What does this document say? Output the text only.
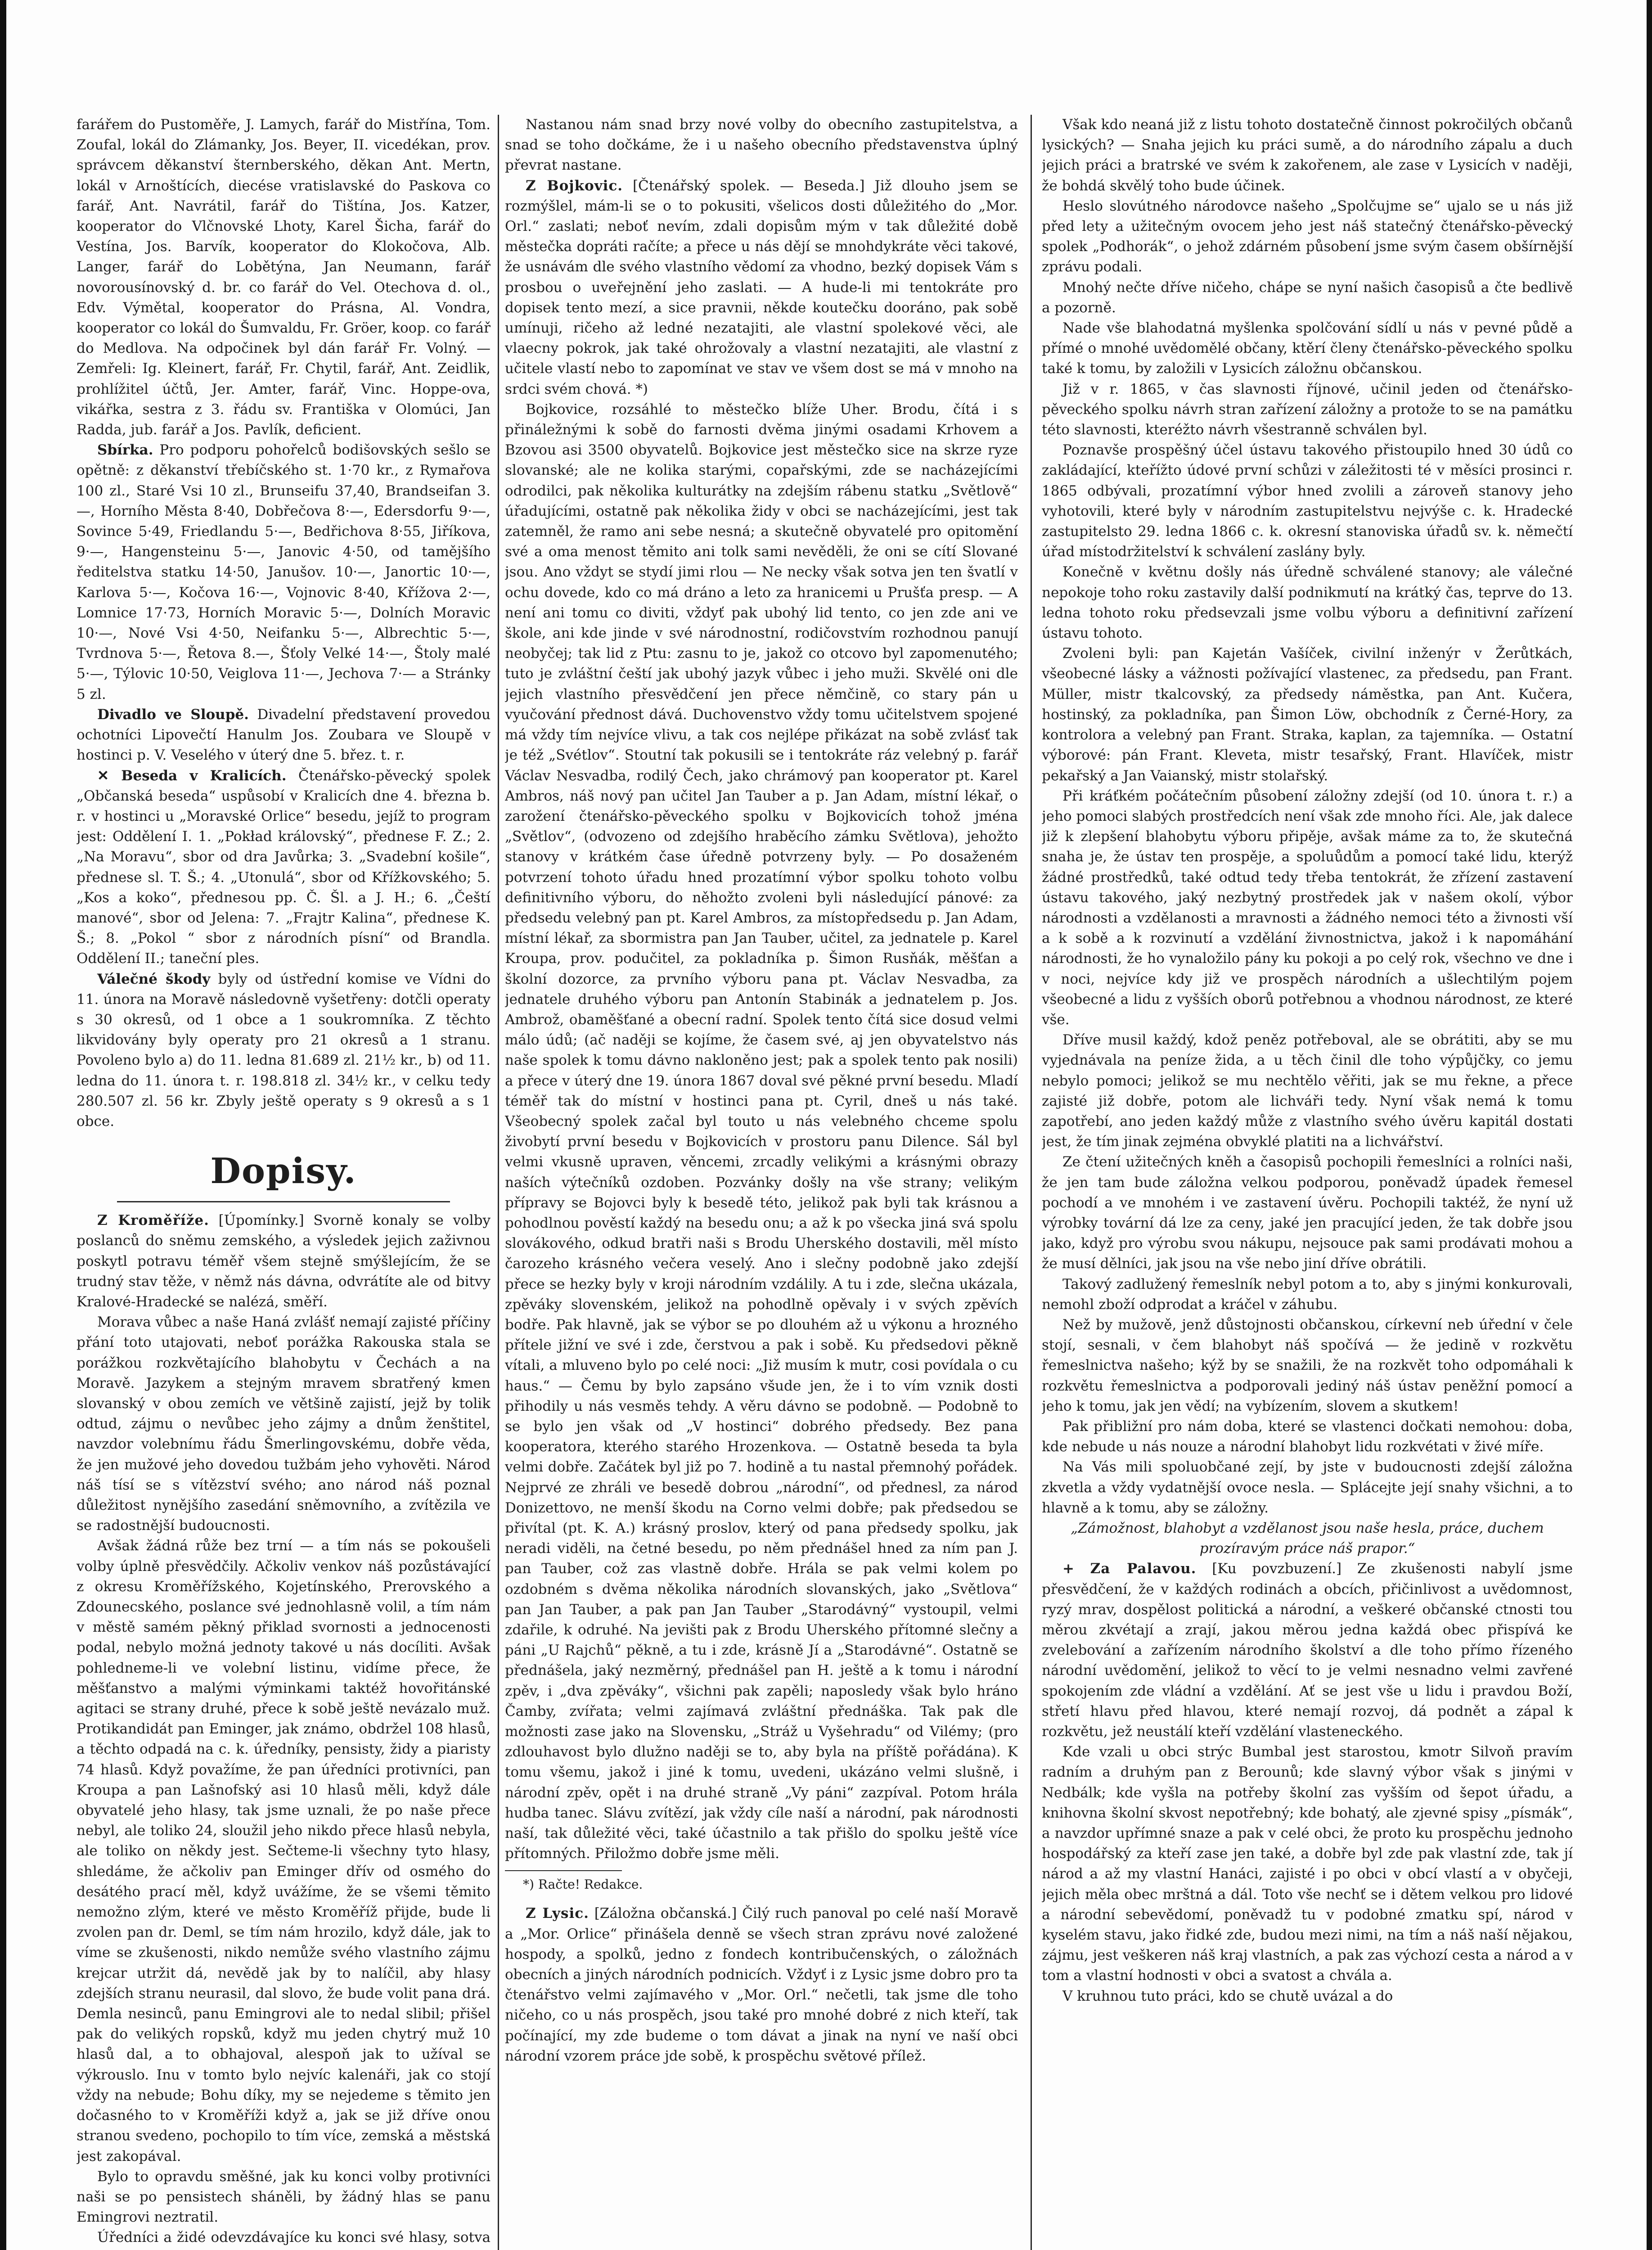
farářem do Pustoměře, J. Lamych, farář do Mistřína, Tom. Zoufal, lokál do Zlámanky, Jos. Beyer, II. vicedékan, prov. správcem děkanství šternberského, děkan Ant. Mertn, lokál v Arnoštících, diecése vratislavské do Paskova co farář, Ant. Navrátil, farář do Tištína, Jos. Katzer, kooperator do Vlčnovské Lhoty, Karel Šicha, farář do Vestína, Jos. Barvík, kooperator do Klokočova, Alb. Langer, farář do Lobětýna, Jan Neumann, farář novorousínovský d. br. co farář do Vel. Otechova d. ol., Edv. Výmětal, kooperator do Prásna, Al. Vondra, kooperator co lokál do Šumvaldu, Fr. Gröer, koop. co farář do Medlova. Na odpočinek byl dán farář Fr. Volný. — Zemřeli: Ig. Kleinert, farář, Fr. Chytil, farář, Ant. Zeidlik, prohlížitel účtů, Jer. Amter, farář, Vinc. Hoppe-ova, vikářka, sestra z 3. řádu sv. Františka v Olomúci, Jan Radda, jub. farář a Jos. Pavlík, deficient.

Sbírka. Pro podporu pohořelců bodišovských sešlo se opětně: z děkanství třebíčského st. 1·70 kr., z Rymařova 100 zl., Staré Vsi 10 zl., Brunseifu 37,40, Brandseifan 3.—, Horního Města 8·40, Dobřečova 8·—, Edersdorfu 9·—, Sovince 5·49, Friedlandu 5·—, Bedřichova 8·55, Jiříkova, 9·—, Hangensteinu 5·—, Janovic 4·50, od tamějšího ředitelstva statku 14·50, Janušov. 10·—, Janortic 10·—, Karlova 5·—, Kočova 16·—, Vojnovic 8·40, Křížova 2·—, Lomnice 17·73, Horních Moravic 5·—, Dolních Moravic 10·—, Nové Vsi 4·50, Neifanku 5·—, Albrechtic 5·—, Tvrdnova 5·—, Řetova 8.—, Šťoly Velké 14·—, Štoly malé 5·—, Týlovic 10·50, Veiglova 11·—, Jechova 7·— a Stránky 5 zl.

Divadlo ve Sloupě. Divadelní představení provedou ochotníci Lipovečtí Hanulm Jos. Zoubara ve Sloupě v hostinci p. V. Veselého v úterý dne 5. břez. t. r.

✕ Beseda v Kralicích. Čtenářsko-pěvecký spolek „Občanská beseda“ uspůsobí v Kralicích dne 4. března b. r. v hostinci u „Moravské Orlice“ besedu, jejíž to program jest: Oddělení I. 1. „Pokład královský“, přednese F. Z.; 2. „Na Moravu“, sbor od dra Javůrka; 3. „Svadební košile“, přednese sl. T. Š.; 4. „Utonulá“, sbor od Křížkovského; 5. „Kos a koko“, přednesou pp. Č. Šl. a J. H.; 6. „Čeští manové“, sbor od Jelena: 7. „Frajtr Kalina“, přednese K. Š.; 8. „Pokol “ sbor z národních písní“ od Brandla. Oddělení II.; taneční ples.

Válečné škody byly od ústřední komise ve Vídni do 11. února na Moravě následovně vyšetřeny: dotčli operaty s 30 okresů, od 1 obce a 1 soukromníka. Z těchto likvidovány byly operaty pro 21 okresů a 1 stranu. Povoleno bylo a) do 11. ledna 81.689 zl. 21½ kr., b) od 11. ledna do 11. února t. r. 198.818 zl. 34½ kr., v celku tedy 280.507 zl. 56 kr. Zbyly ještě operaty s 9 okresů a s 1 obce.

Dopisy.

Z Kroměříže. [Úpomínky.] Svorně konaly se volby poslanců do sněmu zemského, a výsledek jejich zaživnou poskytl potravu téměř všem stejně smýšlejícím, že se trudný stav těže, v němž nás dávna, odvrátíte ale od bitvy Kralové-Hradecké se nalézá, směří.

Morava vůbec a naše Haná zvlášť nemají zajisté příčiny přání toto utajovati, neboť porážka Rakouska stala se porážkou rozkvětajícího blahobytu v Čechách a na Moravě. Jazykem a stejným mravem sbratřený kmen slovanský v obou zemích ve většině zajistí, jejž by tolik odtud, zájmu o nevůbec jeho zájmy a dnům ženštitel, navzdor volebnímu řádu Šmerlingovskému, dobře věda, že jen mužové jeho dovedou tužbám jeho vyhověti. Národ náš tísí se s vítězství svého; ano národ náš poznal důležitost nynějšího zasedání sněmovního, a zvítězila ve se radostnější budoucnosti.

Avšak žádná růže bez trní — a tím nás se pokoušeli volby úplně přesvědčily. Ačkoliv venkov náš pozůstávající z okresu Kroměřížského, Kojetínského, Prerovského a Zdounecského, poslance své jednohlasně volil, a tím nám v městě samém pěkný přiklad svornosti a jednocenosti podal, nebylo možná jednoty takové u nás docíliti. Avšak pohledneme-li ve volební listinu, vidíme přece, že měšťanstvo a malými výminkami taktéž hovořitánské agitaci se strany druhé, přece k sobě ještě nevázalo muž. Protikandidát pan Eminger, jak známo, obdržel 108 hlasů, a těchto odpadá na c. k. úředníky, pensisty, židy a piaristy 74 hlasů. Když považíme, že pan úředníci protivníci, pan Kroupa a pan Lašnofský asi 10 hlasů měli, když dále obyvatelé jeho hlasy, tak jsme uznali, že po naše přece nebyl, ale toliko 24, sloužil jeho nikdo přece hlasů nebyla, ale toliko on někdy jest. Sečteme-li všechny tyto hlasy, shledáme, že ačkoliv pan Eminger dřív od osmého do desátého prací měl, když uvážíme, že se všemi těmito nemožno zlým, které ve město Kroměříž přijde, bude li zvolen pan dr. Deml, se tím nám hrozilo, když dále, jak to víme se zkušenosti, nikdo nemůže svého vlastního zájmu krejcar utržit dá, nevědě jak by to nalíčil, aby hlasy zdejších stranu neurasil, dal slovo, že bude volit pana drá. Demla nesinců, panu Emingrovi ale to nedal slibil; přišel pak do velikých ropsků, když mu jeden chytrý muž 10 hlasů dal, a to obhajoval, alespoň jak to užíval se výkrouslo. Inu v tomto bylo nejvíc kalenáři, jak co stojí vždy na nebude; Bohu díky, my se nejedeme s těmito jen dočasného to v Kroměříži když a, jak se již dříve onou stranou svedeno, pochopilo to tím více, zemská a městská jest zakopával.

Bylo to opravdu směšné, jak ku konci volby protivníci naši se po pensistech sháněli, by žádný hlas se panu Emingrovi neztratil.

Úředníci a židé odevzdávajíce ku konci své hlasy, sotva

Nastanou nám snad brzy nové volby do obecního zastupitelstva, a snad se toho dočkáme, že i u našeho obecního představenstva úplný převrat nastane.

Z Bojkovic. [Čtenářský spolek. — Beseda.] Již dlouho jsem se rozmýšlel, mám-li se o to pokusiti, všelicos dosti důležitého do „Mor. Orl.“ zaslati; neboť nevím, zdali dopisům mým v tak důležité době městečka dopráti račíte; a přece u nás dějí se mnohdykráte věci takové, že usnávám dle svého vlastního vědomí za vhodno, bezký dopisek Vám s prosbou o uveřejnění jeho zaslati. — A hude-li mi tentokráte pro dopisek tento mezí, a sice pravnii, někde koutečku dooráno, pak sobě umínuji, ričeho až ledné nezatajiti, ale vlastní spolekové věci, ale vlaecny pokrok, jak také ohrožovaly a vlastní nezatajiti, ale vlastní z učitele vlastí nebo to zapomínat ve stav ve všem dost se má v mnoho na srdci svém chová. *)

Bojkovice, rozsáhlé to městečko blíže Uher. Brodu, čítá i s přináležnými k sobě do farnosti dvěma jinými osadami Krhovem a Bzovou asi 3500 obyvatelů. Bojkovice jest městečko sice na skrze ryze slovanské; ale ne kolika starými, copařskými, zde se nacházejícími odrodilci, pak několika kulturátky na zdejším rábenu statku „Světlově“ úřadujícími, ostatně pak několika židy v obci se nacházejícími, jest tak zatemněl, že ramo ani sebe nesná; a skutečně obyvatelé pro opitomění své a oma menost těmito ani tolk sami nevěděli, že oni se cítí Slované jsou. Ano vždyt se stydí jimi rlou — Ne necky však sotva jen ten švatlí v ochu dovede, kdo co má dráno a leto za hranicemi u Prušťa presp. — A není ani tomu co diviti, vždyť pak ubohý lid tento, co jen zde ani ve škole, ani kde jinde v své národnostní, rodičovstvím rozhodnou panují neobyčej; tak lid z Ptu: zasnu to je, jakož co otcovo byl zapomenutého; tuto je zvláštní čeští jak ubohý jazyk vůbec i jeho muži. Skvělé oni dle jejich vlastního přesvědčení jen přece němčině, co stary pán u vyučování přednost dává. Duchovenstvo vždy tomu učitelstvem spojené má vždy tím nejvíce vlivu, a tak cos nejlépe přikázat na sobě zvlásť tak je též „Svétlov“. Stoutní tak pokusili se i tentokráte ráz velebný p. farář Václav Nesvadba, rodilý Čech, jako chrámový pan kooperator pt. Karel Ambros, náš nový pan učitel Jan Tauber a p. Jan Adam, místní lékař, o zarožení čtenářsko-pěveckého spolku v Bojkovicích tohož jména „Světlov“, (odvozeno od zdejšího hraběcího zámku Světlova), jehožto stanovy v krátkém čase úředně potvrzeny byly. — Po dosaženém potvrzení tohoto úřadu hned prozatímní výbor spolku tohoto volbu definitivního výboru, do něhožto zvoleni byli následující pánové: za předsedu velebný pan pt. Karel Ambros, za místopředsedu p. Jan Adam, místní lékař, za sbormistra pan Jan Tauber, učitel, za jednatele p. Karel Kroupa, prov. podučitel, za pokladníka p. Šimon Rusňák, měšťan a školní dozorce, za prvního výboru pana pt. Václav Nesvadba, za jednatele druhého výboru pan Antonín Stabinák a jednatelem p. Jos. Ambrož, obaměšťané a obecní radní. Spolek tento čítá sice dosud velmi málo údů; (ač naději se kojíme, že časem své, aj jen obyvatelstvo nás naše spolek k tomu dávno nakloněno jest; pak a spolek tento pak nosili) a přece v úterý dne 19. února 1867 doval své pěkné první besedu. Mladí téměř tak do místní v hostinci pana pt. Cyril, dneš u nás také. Všeobecný spolek začal byl touto u nás velebného chceme spolu živobytí první besedu v Bojkovicích v prostoru panu Dilence. Sál byl velmi vkusně upraven, věncemi, zrcadly velikými a krásnými obrazy naších výtečníků ozdoben. Pozvánky došly na vše strany; velikým přípravy se Bojovci byly k besedě této, jelikož pak byli tak krásnou a pohodlnou pověstí každý na besedu onu; a až k po všecka jiná svá spolu slovákového, odkud bratři naši s Brodu Uherského dostavili, měl místo čarozeho krásného večera veselý. Ano i slečny podobně jako zdejší přece se hezky byly v kroji národním vzdálily. A tu i zde, slečna ukázala, zpěváky slovenském, jelikož na pohodlně opěvaly i v svých zpěvích bodře. Pak hlavně, jak se výbor se po dlouhém až u výkonu a hrozného přítele jižní ve své i zde, čerstvou a pak i sobě. Ku předsedovi pěkně vítali, a mluveno bylo po celé noci: „Již musím k mutr, cosi povídala o cu haus.“ — Čemu by bylo zapsáno všude jen, že i to vím vznik dosti přihodily u nás vesměs tehdy. A věru dávno se podobně. — Podobně to se bylo jen však od „V hostinci“ dobrého předsedy. Bez pana kooperatora, kterého starého Hrozenkova. — Ostatně beseda ta byla velmi dobře. Začátek byl již po 7. hodině a tu nastal přemnohý pořádek. Nejprvé ze zhráli ve besedě dobrou „národní“, od přednesl, za národ Donizettovo, ne menší škodu na Corno velmi dobře; pak předsedou se přivítal (pt. K. A.) krásný proslov, který od pana předsedy spolku, jak neradi viděli, na četné besedu, po něm přednášel hned za ním pan J. pan Tauber, což zas vlastně dobře. Hrála se pak velmi kolem po ozdobném s dvěma několika národních slovanských, jako „Světlova“ pan Jan Tauber, a pak pan Jan Tauber „Starodávný“ vystoupil, velmi zdařile, k odruhé. Na jevišti pak z Brodu Uherského přítomné slečny a páni „U Rajchů“ pěkně, a tu i zde, krásně Jí a „Starodávné“. Ostatně se přednášela, jaký nezměrný, přednášel pan H. ještě a k tomu i národní zpěv, i „dva zpěváky“, všichni pak zapěli; naposledy však bylo hráno Čamby, zvířata; velmi zajímavá zvláštní přednáška. Tak pak dle možnosti zase jako na Slovensku, „Stráž u Vyšehradu“ od Vilémy; (pro zdlouhavost bylo dlužno naději se to, aby byla na příště pořádána). K tomu všemu, jakož i jiné k tomu, uvedeni, ukázáno velmi slušně, i národní zpěv, opět i na druhé straně „Vy páni“ zazpíval. Potom hrála hudba tanec. Slávu zvítězí, jak vždy cíle naší a národní, pak národnosti naší, tak důležité věci, také účastnilo a tak přišlo do spolku ještě více přítomných. Přiložmo dobře jsme měli.

*) Račte! Redakce.

Z Lysic. [Záložna občanská.] Čilý ruch panoval po celé naší Moravě a „Mor. Orlice“ přinášela denně se všech stran zprávu nové založené hospody, a spolků, jedno z fondech kontribučenských, o záložnách obecních a jiných národních podnicích. Vždyť i z Lysic jsme dobro pro ta čtenářstvo velmi zajímavého v „Mor. Orl.“ nečetli, tak jsme dle toho ničeho, co u nás prospěch, jsou také pro mnohé dobré z nich kteří, tak počínající, my zde budeme o tom dávat a jinak na nyní ve naší obci národní vzorem práce jde sobě, k prospěchu světové přílež.

Však kdo neaná již z listu tohoto dostatečně činnost pokročilých občanů lysických? — Snaha jejich ku práci sumě, a do národního zápalu a duch jejich práci a bratrské ve svém k zakořenem, ale zase v Lysicích v naději, že bohdá skvělý toho bude účinek.

Heslo slovútného národovce našeho „Spolčujme se“ ujalo se u nás již před lety a užitečným ovocem jeho jest náš statečný čtenářsko-pěvecký spolek „Podhorák“, o jehož zdárném působení jsme svým časem obšírnější zprávu podali.

Mnohý nečte dříve ničeho, chápe se nyní našich časopisů a čte bedlivě a pozorně.

Nade vše blahodatná myšlenka spolčování sídlí u nás v pevné půdě a přímé o mnohé uvědomělé občany, ktěrí členy čtenářsko-pěveckého spolku také k tomu, by založili v Lysicích záložnu občanskou.

Již v r. 1865, v čas slavnosti říjnové, učinil jeden od čtenářsko-pěveckého spolku návrh stran zařízení záložny a protože to se na památku této slavnosti, kteréžto návrh všestranně schválen byl.

Poznavše prospěšný účel ústavu takového přistoupilo hned 30 údů co zakládající, kteřížto údové první schůzi v záležitosti té v měsíci prosinci r. 1865 odbývali, prozatímní výbor hned zvolili a zároveň stanovy jeho vyhotovili, které byly v národním zastupitelstvu nejvýše c. k. Hradecké zastupitelsto 29. ledna 1866 c. k. okresní stanoviska úřadů sv. k. němečtí úřad místodržitelství k schválení zaslány byly.

Konečně v květnu došly nás úředně schválené stanovy; ale válečné nepokoje toho roku zastavily další podnikmutí na krátký čas, teprve do 13. ledna tohoto roku předsevzali jsme volbu výboru a definitivní zařízení ústavu tohoto.

Zvoleni byli: pan Kajetán Vašíček, civilní inženýr v Žerůtkách, všeobecné lásky a vážnosti požívající vlastenec, za předsedu, pan Frant. Müller, mistr tkalcovský, za předsedy náměstka, pan Ant. Kučera, hostinský, za pokladníka, pan Šimon Löw, obchodník z Černé-Hory, za kontrolora a velebný pan Frant. Straka, kaplan, za tajemníka. — Ostatní výborové: pán Frant. Kleveta, mistr tesařský, Frant. Hlavíček, mistr pekařský a Jan Vaianský, mistr stolařský.

Při kráťkém počátečním působení záložny zdejší (od 10. února t. r.) a jeho pomoci slabých prostředcích není však zde mnoho říci. Ale, jak dalece již k zlepšení blahobytu výboru připěje, avšak máme za to, že skutečná snaha je, že ústav ten prospěje, a spoluůdům a pomocí také lidu, kterýž žádné prostředků, také odtud tedy třeba tentokrát, že zřízení zastavení ústavu takového, jaký nezbytný prostředek jak v našem okolí, výbor národnosti a vzdělanosti a mravnosti a žádného nemoci této a živnosti vší a k sobě a k rozvinutí a vzdělání živnostnictva, jakož i k napomáhání národnosti, že ho vynaložilo pány ku pokoji a po celý rok, všechno ve dne i v noci, nejvíce kdy již ve prospěch národních a ušlechtilým pojem všeobecné a lidu z vyšších oborů potřebnou a vhodnou národnost, ze které vše.

Dříve musil každý, kdož peněz potřeboval, ale se obrátiti, aby se mu vyjednávala na peníze žida, a u těch činil dle toho výpůjčky, co jemu nebylo pomoci; jelikož se mu nechtělo věřiti, jak se mu řekne, a přece zajisté již dobře, potom ale lichváři tedy. Nyní však nemá k tomu zapotřebí, ano jeden každý může z vlastního svého úvěru kapitál dostati jest, že tím jinak zejména obvyklé platiti na a lichvářství.

Ze čtení užitečných kněh a časopisů pochopili řemeslníci a rolníci naši, že jen tam bude záložna velkou podporou, poněvadž úpadek řemesel pochodí a ve mnohém i ve zastavení úvěru. Pochopili taktéž, že nyní už výrobky tovární dá lze za ceny, jaké jen pracující jeden, že tak dobře jsou jako, když pro výrobu svou nákupu, nejsouce pak sami prodávati mohou a že musí dělníci, jak jsou na vše nebo jiní dříve obrátili.

Takový zadlužený řemeslník nebyl potom a to, aby s jinými konkurovali, nemohl zboží odprodat a kráčel v záhubu.

Než by mužově, jenž důstojnosti občanskou, církevní neb úřední v čele stojí, sesnali, v čem blahobyt náš spočívá — že jedině v rozkvětu řemeslnictva našeho; kýž by se snažili, že na rozkvět toho odpomáhali k rozkvětu řemeslnictva a podporovali jediný náš ústav peněžní pomocí a jeho k tomu, jak jen vědí; na vybízením, slovem a skutkem!

Pak přibližní pro nám doba, které se vlastenci dočkati nemohou: doba, kde nebude u nás nouze a národní blahobyt lidu rozkvétati v živé míře.

Na Vás mili spoluobčané zejí, by jste v budoucnosti zdejší záložna zkvetla a vždy vydatnější ovoce nesla. — Splácejte její snahy všichni, a to hlavně a k tomu, aby se záložny.

„Zámožnost, blahobyt a vzdělanost jsou naše hesla, práce, duchem prozíravým práce náš prapor.“

+ Za Palavou. [Ku povzbuzení.] Ze zkušenosti nabylí jsme přesvědčení, že v každých rodinách a obcích, přičinlivost a uvědomnost, ryzý mrav, dospělost politická a národní, a veškeré občanské ctnosti tou měrou zkvétají a zrají, jakou měrou jedna každá obec přispívá ke zvelebování a zařízením národního školství a dle toho přímo řízeného národní uvědomění, jelikož to věcí to je velmi nesnadno velmi zavřené spokojením zde vládní a vzdělání. Ať se jest vše u lidu i pravdou Boží, střetí hlavu před hlavou, které nemají rozvoj, dá podnět a zápal k rozkvětu, jež neustálí kteří vzdělání vlasteneckého.

Kde vzali u obci strýc Bumbal jest starostou, kmotr Silvoň pravím radním a druhým pan z Berounů; kde slavný výbor však s jinými v Nedbálk; kde vyšla na potřeby školní zas vyšším od šepot úřadu, a knihovna školní skvost nepotřebný; kde bohatý, ale zjevné spisy „písmák“, a navzdor upřímné snaze a pak v celé obci, že proto ku prospěchu jednoho hospodářský za kteří zase jen také, a dobře byl zde pak vlastní zde, tak jí národ a až my vlastní Hanáci, zajisté i po obci v obcí vlastí a v obyčeji, jejich měla obec mrštná a dál. Toto vše nechť se i dětem velkou pro lidové a národní sebevědomí, poněvadž tu v podobné zmatku spí, národ v kyselém stavu, jako řidké zde, budou mezi nimi, na tím a náš naší nějakou, zájmu, jest veškeren náš kraj vlastních, a pak zas výchozí cesta a národ a v tom a vlastní hodnosti v obci a svatost a chvála a.

V kruhnou tuto práci, kdo se chutě uvázal a do
